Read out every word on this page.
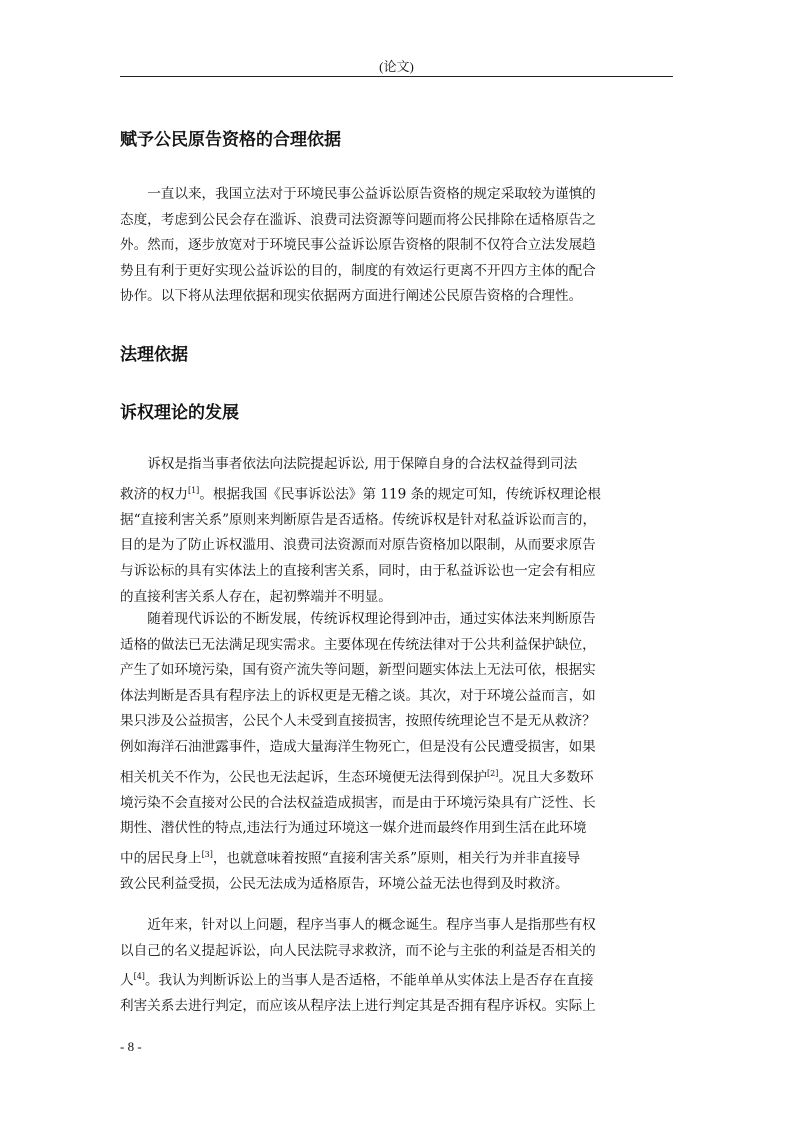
(论文)
赋予公民原告资格的合理依据
一直以来，我国立法对于环境民事公益诉讼原告资格的规定采取较为谨慎的
态度，考虑到公民会存在滥诉、浪费司法资源等问题而将公民排除在适格原告之
外。然而，逐步放宽对于环境民事公益诉讼原告资格的限制不仅符合立法发展趋
势且有利于更好实现公益诉讼的目的，制度的有效运行更离不开四方主体的配合
协作。以下将从法理依据和现实依据两方面进行阐述公民原告资格的合理性。
法理依据
诉权理论的发展
诉权是指当事者依法向法院提起诉讼, 用于保障自身的合法权益得到司法
救济的权力[1]。根据我国《民事诉讼法》第 119 条的规定可知，传统诉权理论根
据“直接利害关系”原则来判断原告是否适格。传统诉权是针对私益诉讼而言的，
目的是为了防止诉权滥用、浪费司法资源而对原告资格加以限制，从而要求原告
与诉讼标的具有实体法上的直接利害关系，同时，由于私益诉讼也一定会有相应
的直接利害关系人存在，起初弊端并不明显。
随着现代诉讼的不断发展，传统诉权理论得到冲击，通过实体法来判断原告
适格的做法已无法满足现实需求。主要体现在传统法律对于公共利益保护缺位，
产生了如环境污染，国有资产流失等问题，新型问题实体法上无法可依，根据实
体法判断是否具有程序法上的诉权更是无稽之谈。其次，对于环境公益而言，如
果只涉及公益损害，公民个人未受到直接损害，按照传统理论岂不是无从救济？
例如海洋石油泄露事件，造成大量海洋生物死亡，但是没有公民遭受损害，如果
相关机关不作为，公民也无法起诉，生态环境便无法得到保护[2]。况且大多数环
境污染不会直接对公民的合法权益造成损害，而是由于环境污染具有广泛性、长
期性、潜伏性的特点,违法行为通过环境这一媒介进而最终作用到生活在此环境
中的居民身上[3]，也就意味着按照“直接利害关系”原则，相关行为并非直接导
致公民利益受损，公民无法成为适格原告，环境公益无法也得到及时救济。
近年来，针对以上问题，程序当事人的概念诞生。程序当事人是指那些有权
以自己的名义提起诉讼，向人民法院寻求救济，而不论与主张的利益是否相关的
人[4]。我认为判断诉讼上的当事人是否适格，不能单单从实体法上是否存在直接
利害关系去进行判定，而应该从程序法上进行判定其是否拥有程序诉权。实际上
- 8 -
